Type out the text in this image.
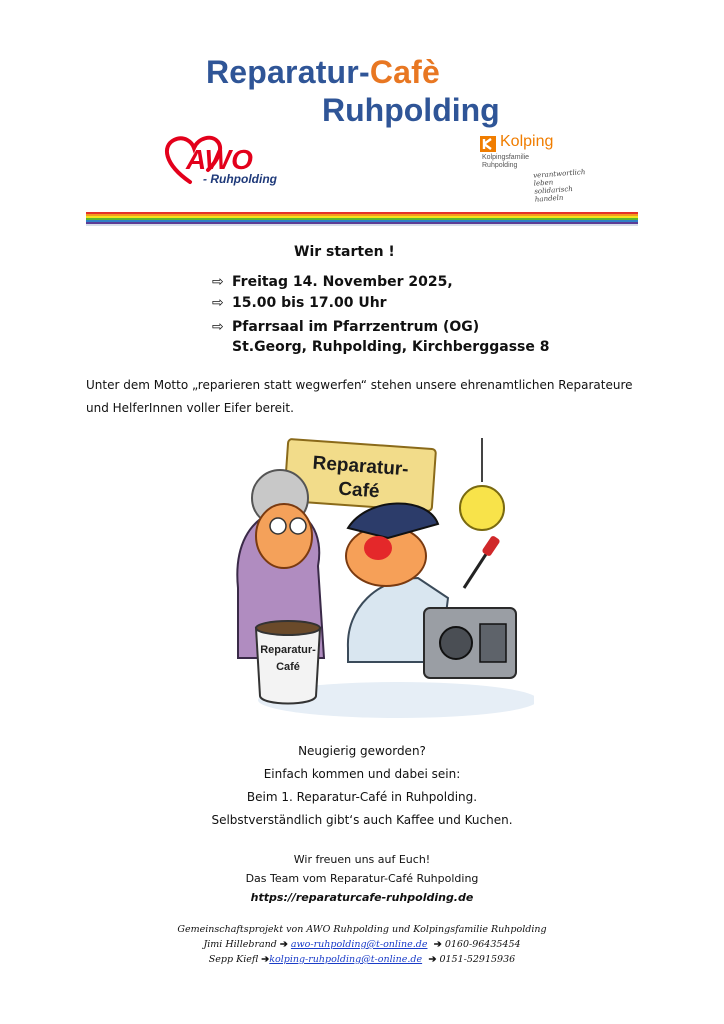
Reparatur-Cafè
Ruhpolding
AWO
- Ruhpolding
Kolping
Kolpingsfamilie Ruhpolding
verantwortlich leben solidarisch handeln
Wir starten !
⇨ Freitag 14. November 2025,
⇨ 15.00 bis 17.00 Uhr
⇨ Pfarrsaal im Pfarrzentrum (OG)
St.Georg, Ruhpolding, Kirchberggasse 8
Unter dem Motto „reparieren statt wegwerfen“ stehen unsere ehrenamtlichen Reparateure und HelferInnen voller Eifer bereit.
Reparatur-
Café
Reparatur-
Café
Neugierig geworden?
Einfach kommen und dabei sein:
Beim 1. Reparatur-Café in Ruhpolding.
Selbstverständlich gibt‘s auch Kaffee und Kuchen.
Wir freuen uns auf Euch!
Das Team vom Reparatur-Café Ruhpolding
https://reparaturcafe-ruhpolding.de
Gemeinschaftsprojekt von AWO Ruhpolding und Kolpingsfamilie Ruhpolding
Jimi Hillebrand ➔ awo-ruhpolding@t-online.de  ➔ 0160-96435454
Sepp Kiefl ➔kolping-ruhpolding@t-online.de  ➔ 0151-52915936
